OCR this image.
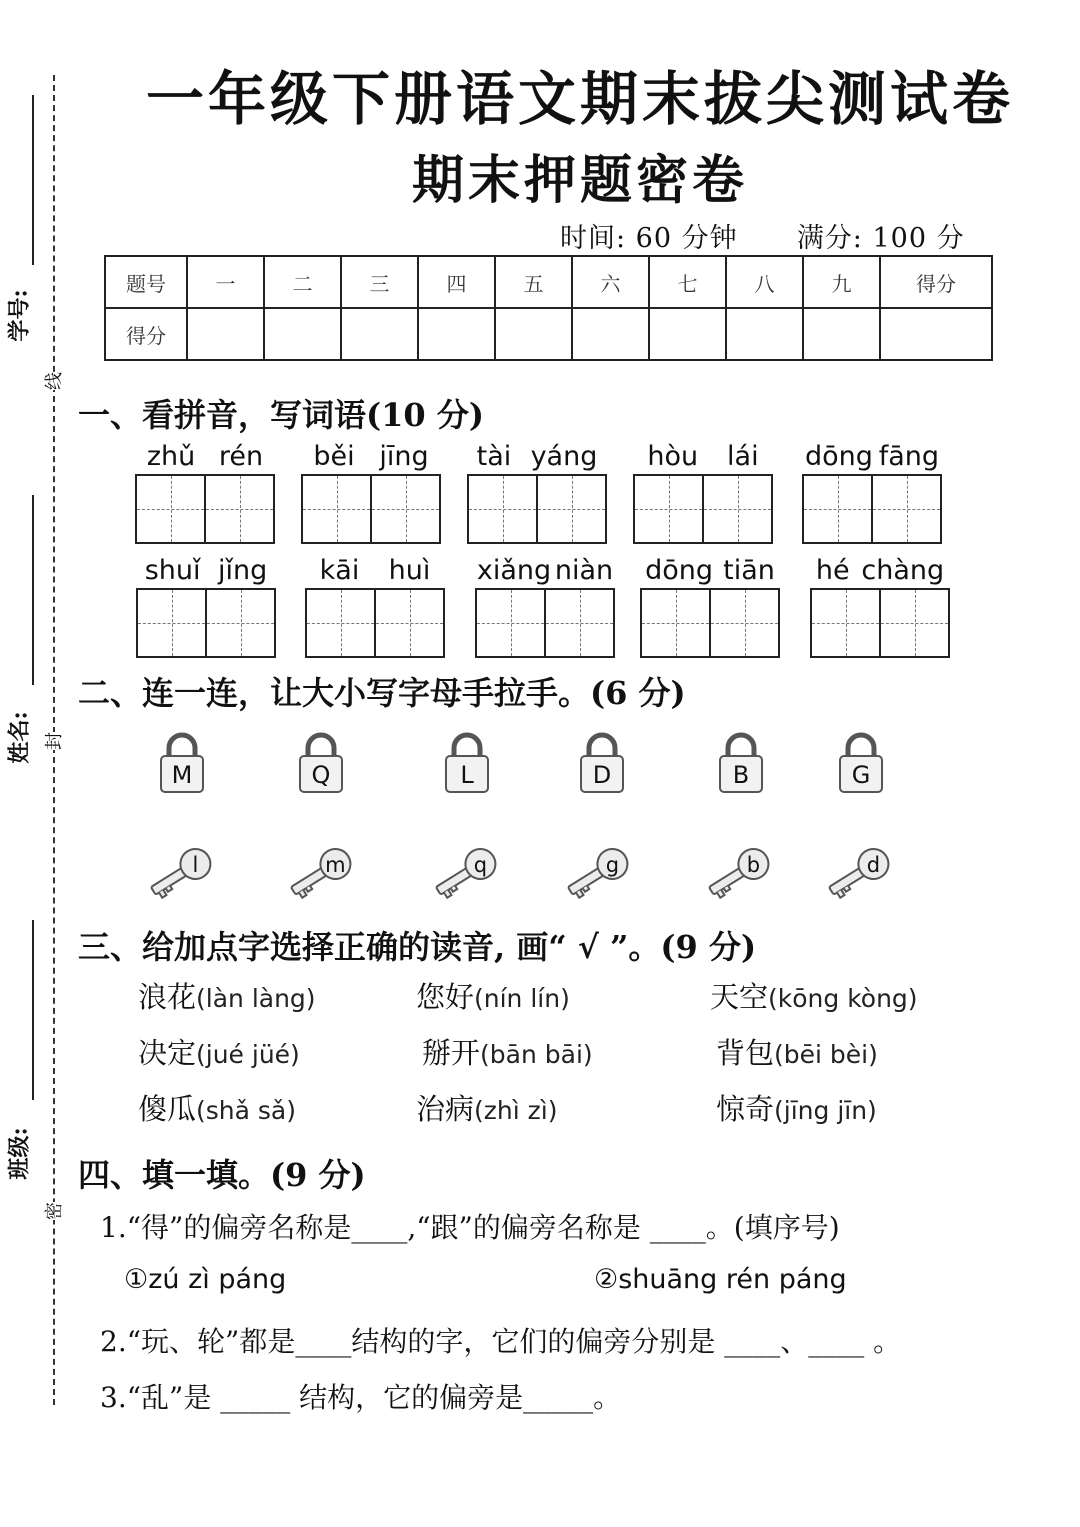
学号:
线
姓名: 封
班级:
密
一年级下册语文期末拔尖测试卷
期末押题密卷
时间: 60 分钟 满分: 100 分
题号	一	二	三	四	五	六	七	八	九	得分
得分										
一、看拼音，写词语(10 分)
zhǔ rén běi jīng tài yáng hòu lái dōng fāng
shuǐ jǐng kāi huì xiǎng niàn dōng tiān hé chàng
二、连一连，让大小写字母手拉手。(6 分)
M	Q	L	D	B	G
l	m	q	g	b	d
三、给加点字选择正确的读音, 画“ √ ”。(9 分)
浪花(làn làng)	您好(nín lín)	天空(kōng kòng)
决定(jué jüé)	掰开(bān bāi)	背包(bēi bèi)
傻瓜(shǎ sǎ)	治病(zhì zì)	惊奇(jīng jīn)
四、填一填。(9 分)
1.“得”的偏旁名称是____,“跟”的偏旁名称是 ____。(填序号)
①zú zì páng	②shuāng rén páng
2.“玩、轮”都是____结构的字，它们的偏旁分别是 ____、____ 。
3.“乱”是 _____ 结构，它的偏旁是_____。
